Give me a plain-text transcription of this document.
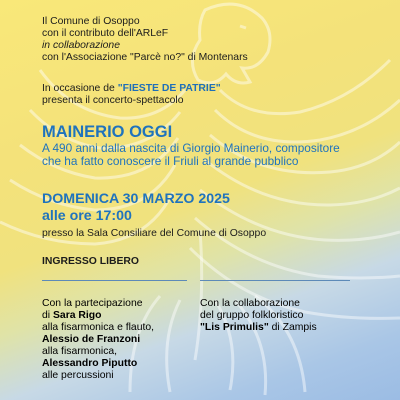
Il Comune di Osoppo
con il contributo dell'ARLeF
in collaborazione
con l'Associazione "Parcè no?" di Montenars
In occasione de "FIESTE DE PATRIE"
presenta il concerto-spettacolo
MAINERIO OGGI
A 490 anni dalla nascita di Giorgio Mainerio, compositore
che ha fatto conoscere il Friuli al grande pubblico
DOMENICA 30 MARZO 2025
alle ore 17:00
presso la Sala Consiliare del Comune di Osoppo
INGRESSO LIBERO
Con la partecipazione
di Sara Rigo
alla fisarmonica e flauto,
Alessio de Franzoni
alla fisarmonica,
Alessandro Piputto
alle percussioni
Con la collaborazione
del gruppo folkloristico
"Lis Primulis" di Zampis
